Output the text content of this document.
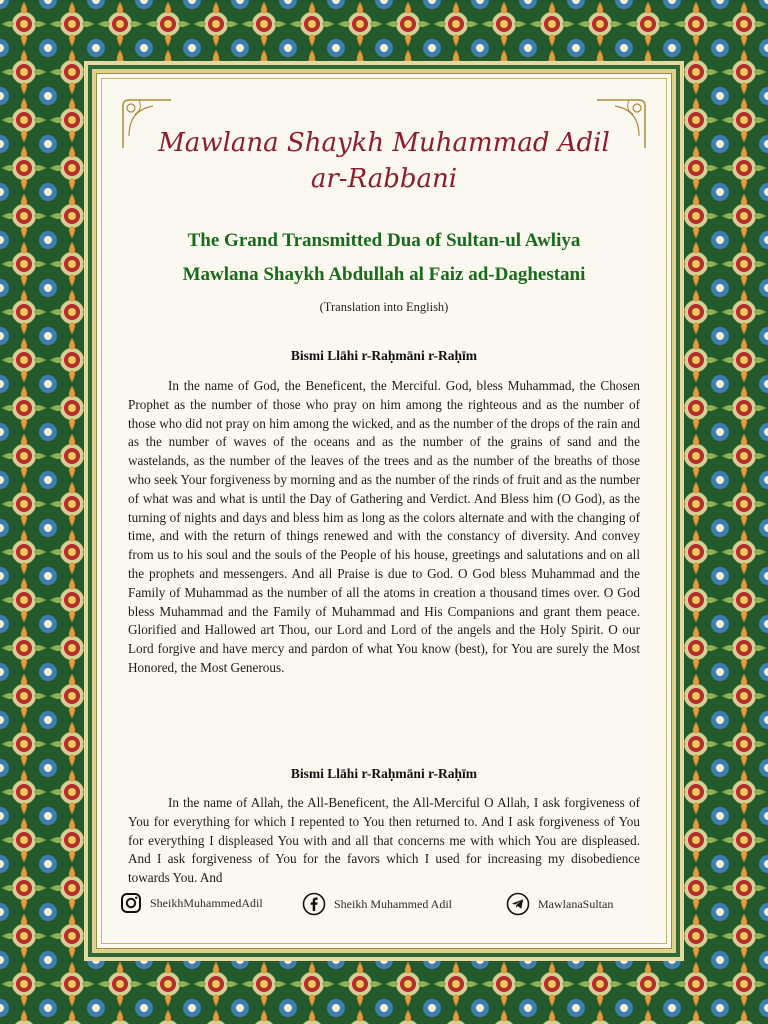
Mawlana Shaykh Muhammad Adil
ar-Rabbani

The Grand Transmitted Dua of Sultan-ul Awliya

Mawlana Shaykh Abdullah al Faiz ad-Daghestani

(Translation into English)
Bismi Llāhi r-Raḥmāni r-Raḥīm

In the name of God, the Beneficent, the Merciful. God, bless Muhammad, the Chosen Prophet as the number of those who pray on him among the righteous and as the number of those who did not pray on him among the wicked, and as the number of the drops of the rain and as the number of waves of the oceans and as the number of the grains of sand and the wastelands, as the number of the leaves of the trees and as the number of the breaths of those who seek Your forgiveness by morning and as the number of the rinds of fruit and as the number of what was and what is until the Day of Gathering and Verdict. And Bless him (O God), as the turning of nights and days and bless him as long as the colors alternate and with the changing of time, and with the return of things renewed and with the constancy of diversity. And convey from us to his soul and the souls of the People of his house, greetings and salutations and on all the prophets and messengers. And all Praise is due to God. O God bless Muhammad and the Family of Muhammad as the number of all the atoms in creation a thousand times over. O God bless Muhammad and the Family of Muhammad and His Companions and grant them peace. Glorified and Hallowed art Thou, our Lord and Lord of the angels and the Holy Spirit. O our Lord forgive and have mercy and pardon of what You know (best), for You are surely the Most Honored, the Most Generous.

Bismi Llāhi r-Raḥmāni r-Raḥīm

In the name of Allah, the All-Beneficent, the All-Merciful O Allah, I ask forgiveness of You for everything for which I repented to You then returned to. And I ask forgiveness of You for everything I displeased You with and all that concerns me with which You are displeased. And I ask forgiveness of You for the favors which I used for increasing my disobedience towards You. And

SheikhMuhammedAdil	Sheikh Muhammed Adil	MawlanaSultan
